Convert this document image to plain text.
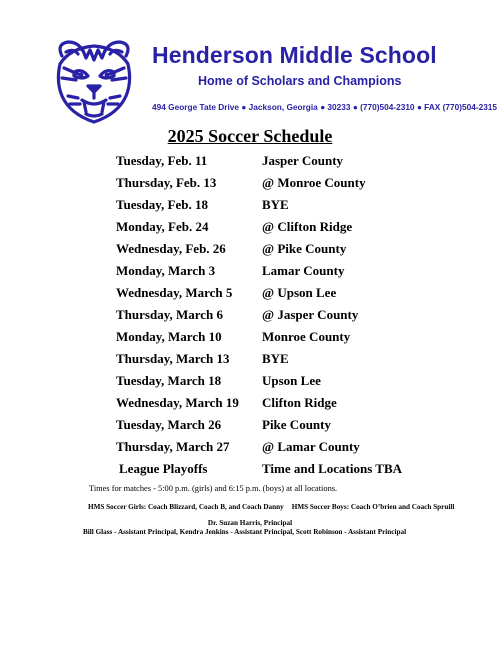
Henderson Middle School
Home of Scholars and Champions
494 George Tate Drive ● Jackson, Georgia ● 30233 ● (770)504-2310 ● FAX (770)504-2315
2025 Soccer Schedule
Tuesday, Feb. 11	Jasper County
Thursday, Feb. 13	@ Monroe County
Tuesday, Feb. 18	BYE
Monday, Feb. 24	@ Clifton Ridge
Wednesday, Feb. 26	@ Pike County
Monday, March 3	Lamar County
Wednesday, March 5 @ Upson Lee
Thursday, March 6	@ Jasper County
Monday, March 10	Monroe County
Thursday, March 13 BYE
Tuesday, March 18	Upson Lee
Wednesday, March 19 Clifton Ridge
Tuesday, March 26	Pike County
Thursday, March 27 @ Lamar County
League Playoffs	Time and Locations TBA
Times for matches - 5:00 p.m. (girls) and 6:15 p.m. (boys) at all locations.
HMS Soccer Girls: Coach Blizzard, Coach B, and Coach Danny HMS Soccer Boys: Coach O’brien and Coach Spruill
Dr. Suzan Harris, Principal
Bill Glass - Assistant Principal, Kendra Jenkins - Assistant Principal, Scott Robinson - Assistant Principal
